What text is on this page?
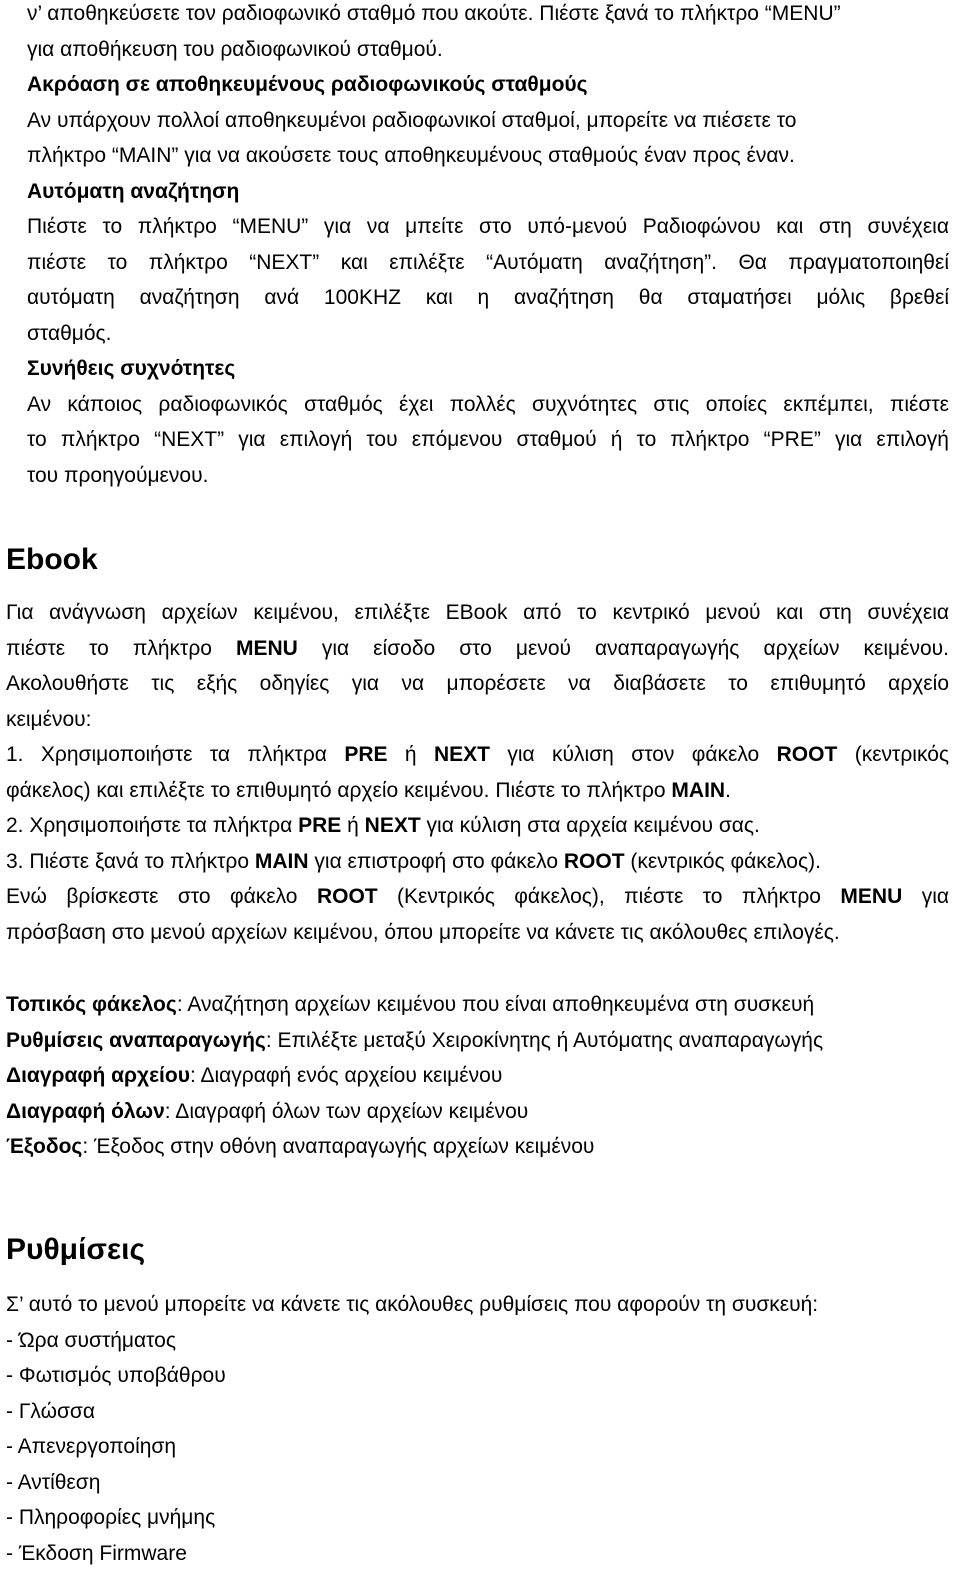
ν’ αποθηκεύσετε τον ραδιοφωνικό σταθμό που ακούτε. Πιέστε ξανά το πλήκτρο “MENU”
για αποθήκευση του ραδιοφωνικού σταθμού.
Ακρόαση σε αποθηκευμένους ραδιοφωνικούς σταθμούς
Αν υπάρχουν πολλοί αποθηκευμένοι ραδιοφωνικοί σταθμοί, μπορείτε να πιέσετε το
πλήκτρο “MAIN” για να ακούσετε τους αποθηκευμένους σταθμούς έναν προς έναν.
Αυτόματη αναζήτηση
Πιέστε το πλήκτρο “MENU” για να μπείτε στο υπό-μενού Ραδιοφώνου και στη συνέχεια
πιέστε το πλήκτρο “NEXT” και επιλέξτε “Αυτόματη αναζήτηση”. Θα πραγματοποιηθεί
αυτόματη αναζήτηση ανά 100KHZ και η αναζήτηση θα σταματήσει μόλις βρεθεί
σταθμός.
Συνήθεις συχνότητες
Αν κάποιος ραδιοφωνικός σταθμός έχει πολλές συχνότητες στις οποίες εκπέμπει, πιέστε
το πλήκτρο “NEXT” για επιλογή του επόμενου σταθμού ή το πλήκτρο “PRE” για επιλογή
του προηγούμενου.
Ebook
Για ανάγνωση αρχείων κειμένου, επιλέξτε EBook από το κεντρικό μενού και στη συνέχεια
πιέστε το πλήκτρο MENU για είσοδο στο μενού αναπαραγωγής αρχείων κειμένου.
Ακολουθήστε τις εξής οδηγίες για να μπορέσετε να διαβάσετε το επιθυμητό αρχείο
κειμένου:
1. Χρησιμοποιήστε τα πλήκτρα PRE ή NEXT για κύλιση στον φάκελο ROOT (κεντρικός
φάκελος) και επιλέξτε το επιθυμητό αρχείο κειμένου. Πιέστε το πλήκτρο MAIN.
2. Χρησιμοποιήστε τα πλήκτρα PRE ή NEXT για κύλιση στα αρχεία κειμένου σας.
3. Πιέστε ξανά το πλήκτρο MAIN για επιστροφή στο φάκελο ROOT (κεντρικός φάκελος).
Ενώ βρίσκεστε στο φάκελο ROOT (Κεντρικός φάκελος), πιέστε το πλήκτρο MENU για
πρόσβαση στο μενού αρχείων κειμένου, όπου μπορείτε να κάνετε τις ακόλουθες επιλογές.
Τοπικός φάκελος: Αναζήτηση αρχείων κειμένου που είναι αποθηκευμένα στη συσκευή
Ρυθμίσεις αναπαραγωγής: Επιλέξτε μεταξύ Χειροκίνητης ή Αυτόματης αναπαραγωγής
Διαγραφή αρχείου: Διαγραφή ενός αρχείου κειμένου
Διαγραφή όλων: Διαγραφή όλων των αρχείων κειμένου
Έξοδος: Έξοδος στην οθόνη αναπαραγωγής αρχείων κειμένου
Ρυθμίσεις
Σ’ αυτό το μενού μπορείτε να κάνετε τις ακόλουθες ρυθμίσεις που αφορούν τη συσκευή:
- Ώρα συστήματος
- Φωτισμός υποβάθρου
- Γλώσσα
- Απενεργοποίηση
- Αντίθεση
- Πληροφορίες μνήμης
- Έκδοση Firmware
